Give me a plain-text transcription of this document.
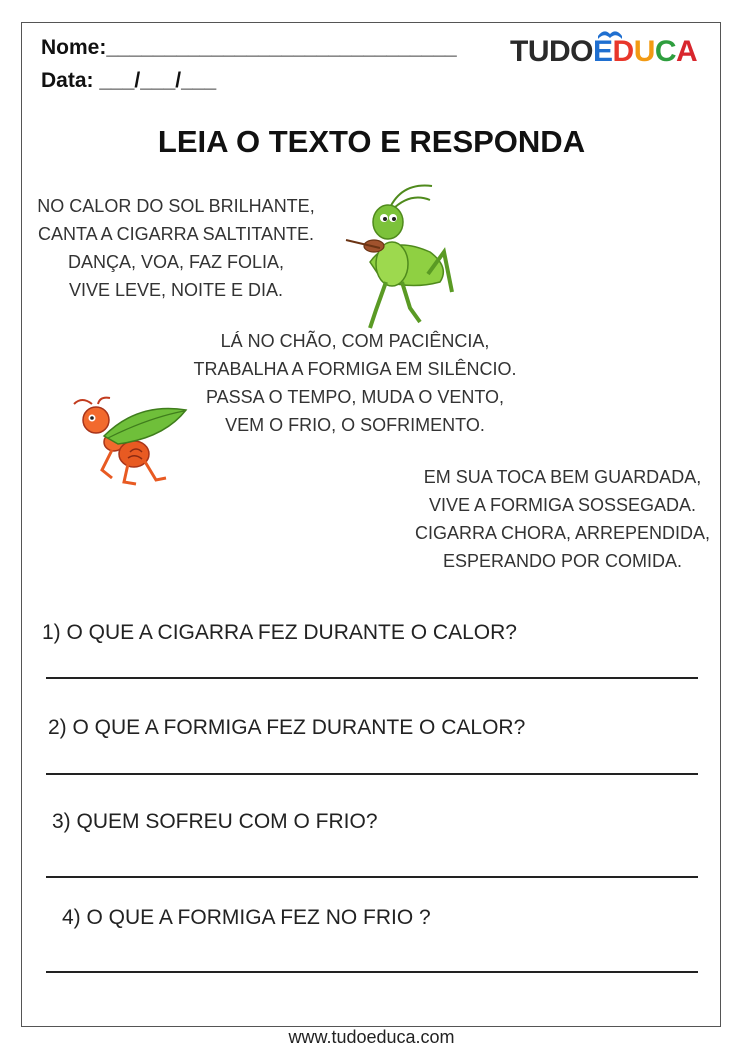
Nome:______________________________
Data: ___/___/___
TUDOEDUCA
LEIA O TEXTO E RESPONDA
NO CALOR DO SOL BRILHANTE,
CANTA A CIGARRA SALTITANTE.
DANÇA, VOA, FAZ FOLIA,
VIVE LEVE, NOITE E DIA.
LÁ NO CHÃO, COM PACIÊNCIA,
TRABALHA A FORMIGA EM SILÊNCIO.
PASSA O TEMPO, MUDA O VENTO,
VEM O FRIO, O SOFRIMENTO.
EM SUA TOCA BEM GUARDADA,
VIVE A FORMIGA SOSSEGADA.
CIGARRA CHORA, ARREPENDIDA,
ESPERANDO POR COMIDA.
1) O QUE A CIGARRA FEZ DURANTE O CALOR?
2) O QUE A FORMIGA FEZ DURANTE O CALOR?
3) QUEM SOFREU COM O FRIO?
4) O QUE A FORMIGA FEZ NO FRIO ?
www.tudoeduca.com
